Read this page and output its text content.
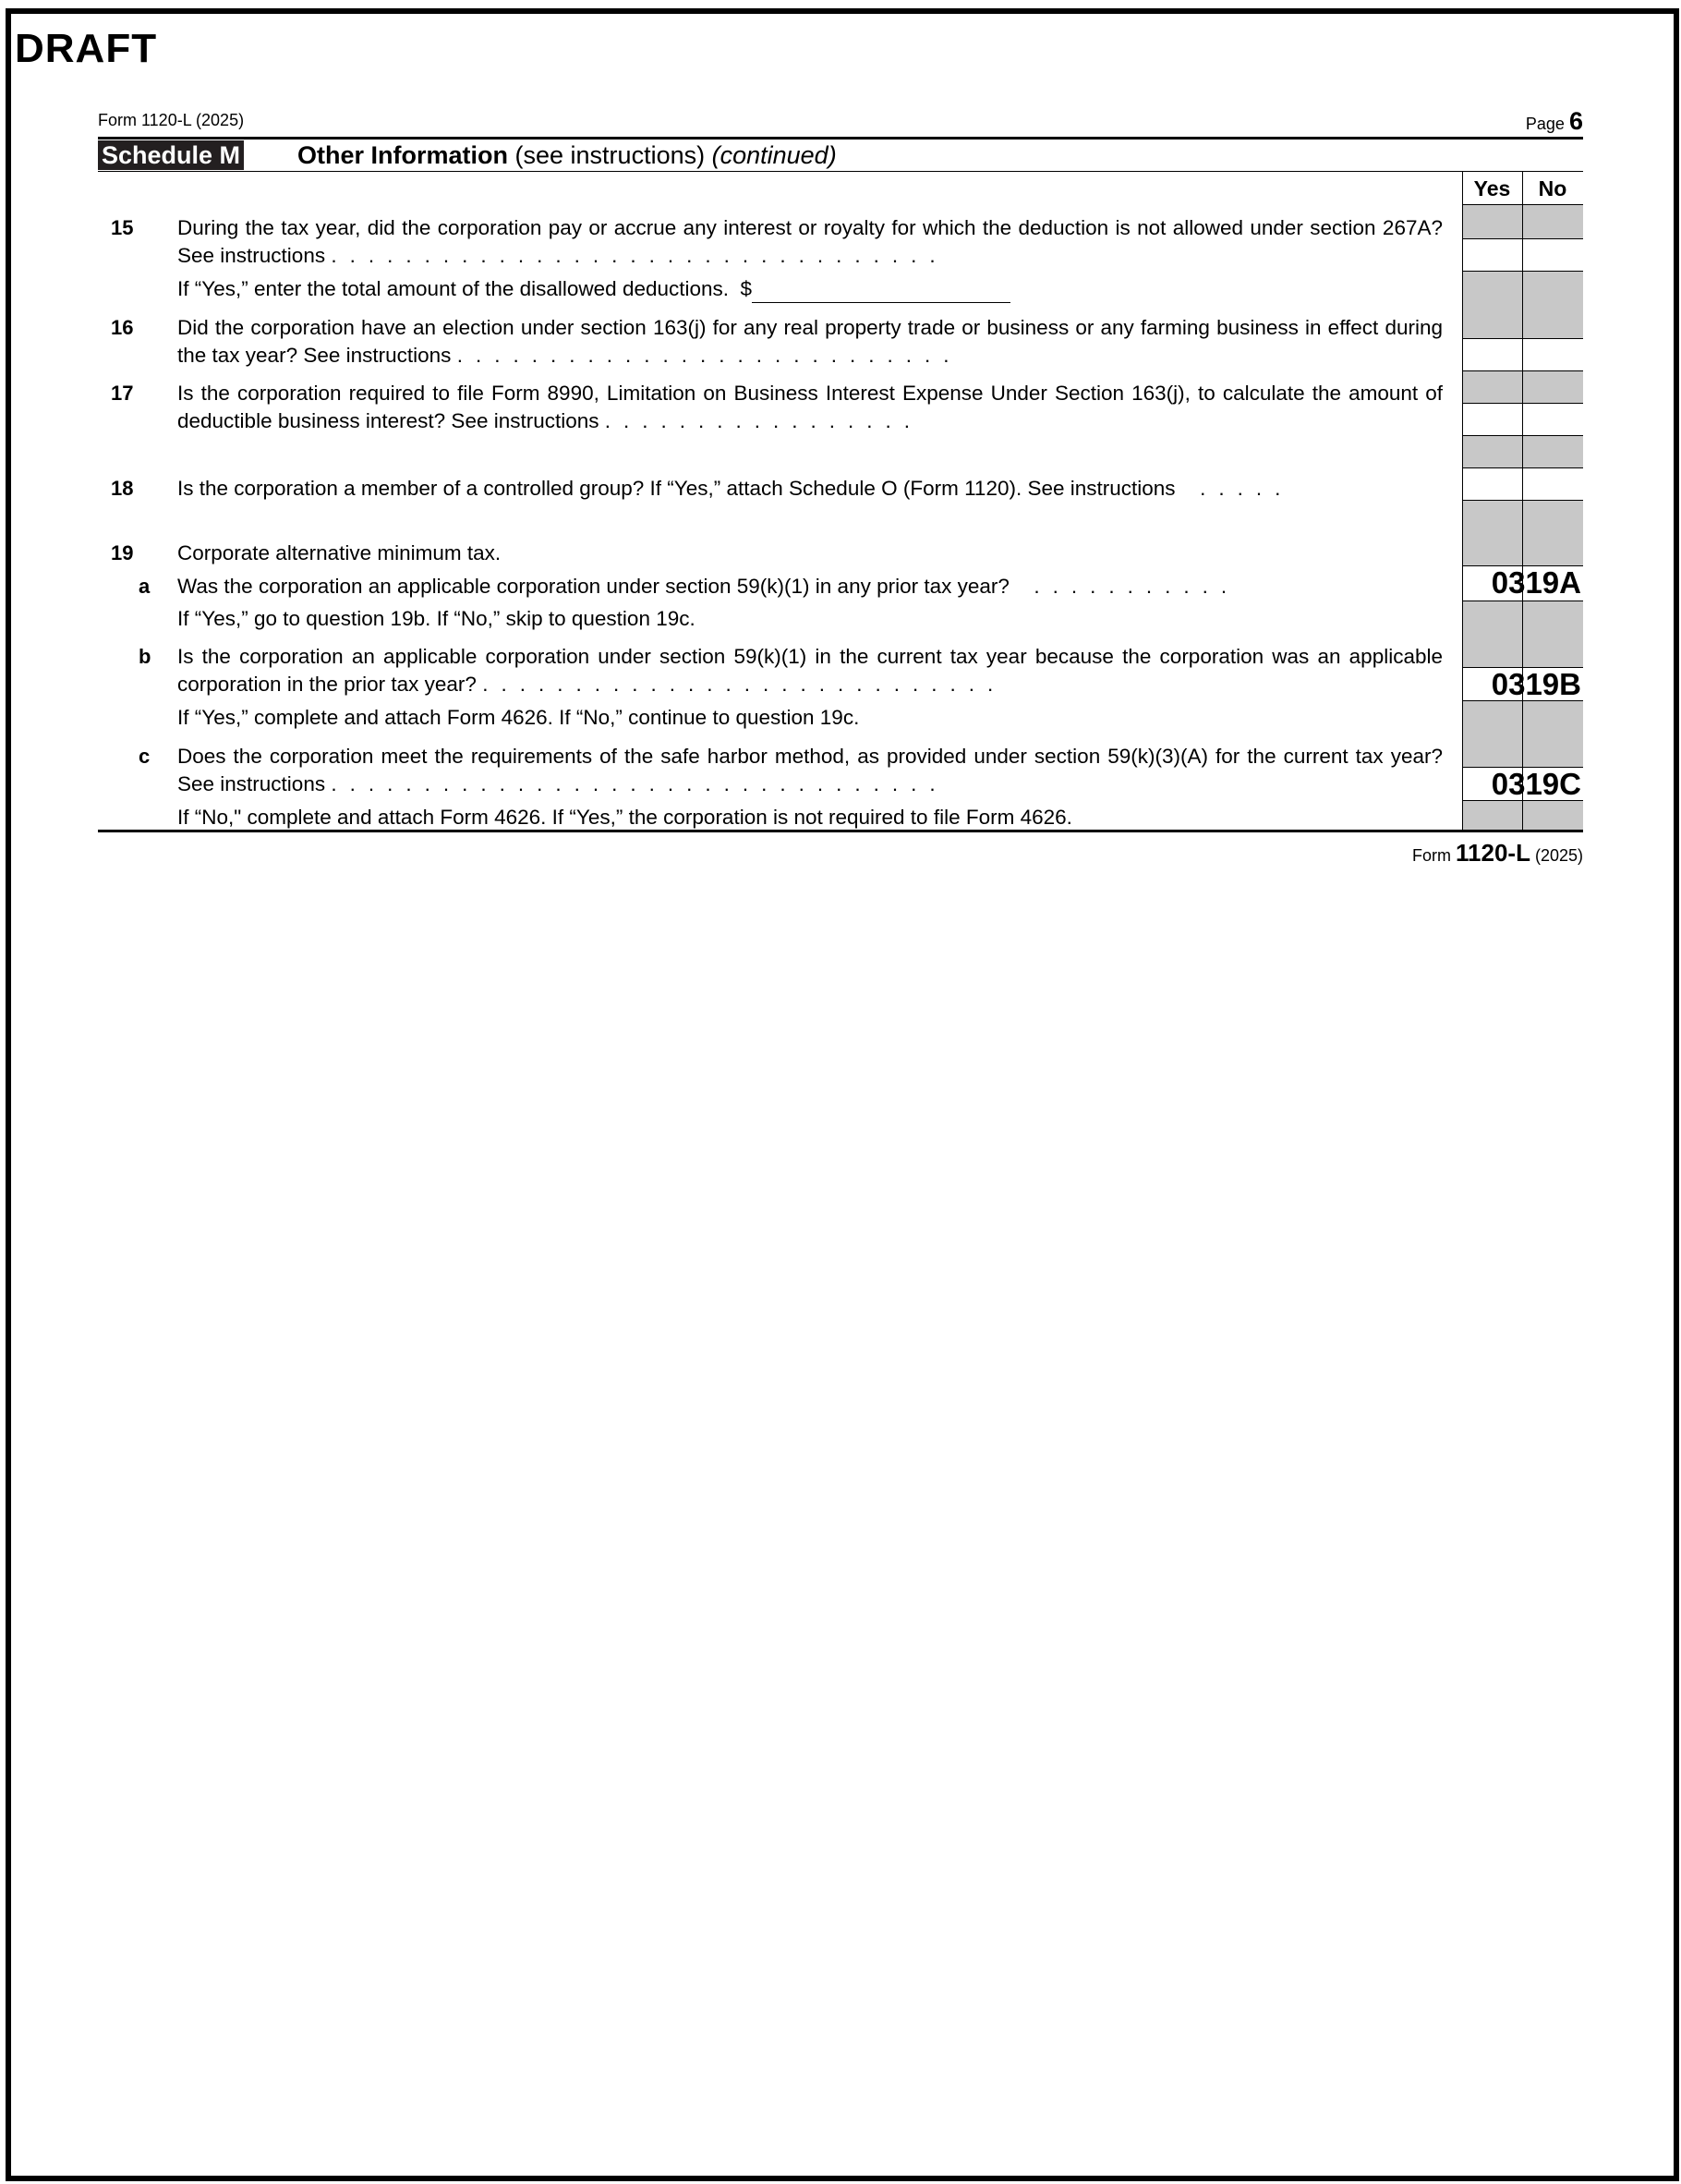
DRAFT
Form 1120-L (2025)	Page 6
Schedule M Other Information (see instructions) (continued)
Yes	No
0319A
0319B
0319C
15 During the tax year, did the corporation pay or accrue any interest or royalty for which the deduction is not allowed under section 267A? See instructions .................................
If “Yes,” enter the total amount of the disallowed deductions. $
16 Did the corporation have an election under section 163(j) for any real property trade or business or any farming business in effect during the tax year? See instructions ...........................
17 Is the corporation required to file Form 8990, Limitation on Business Interest Expense Under Section 163(j), to calculate the amount of deductible business interest? See instructions .................
18 Is the corporation a member of a controlled group? If “Yes,” attach Schedule O (Form 1120). See instructions  .....
19 Corporate alternative minimum tax.
a Was the corporation an applicable corporation under section 59(k)(1) in any prior tax year?  ...........
If “Yes,” go to question 19b. If “No,” skip to question 19c.
b Is the corporation an applicable corporation under section 59(k)(1) in the current tax year because the corporation was an applicable corporation in the prior tax year? ............................
If “Yes,” complete and attach Form 4626. If “No,” continue to question 19c.
c Does the corporation meet the requirements of the safe harbor method, as provided under section 59(k)(3)(A) for the current tax year? See instructions .................................
If “No," complete and attach Form 4626. If “Yes,” the corporation is not required to file Form 4626.
Form 1120-L (2025)
